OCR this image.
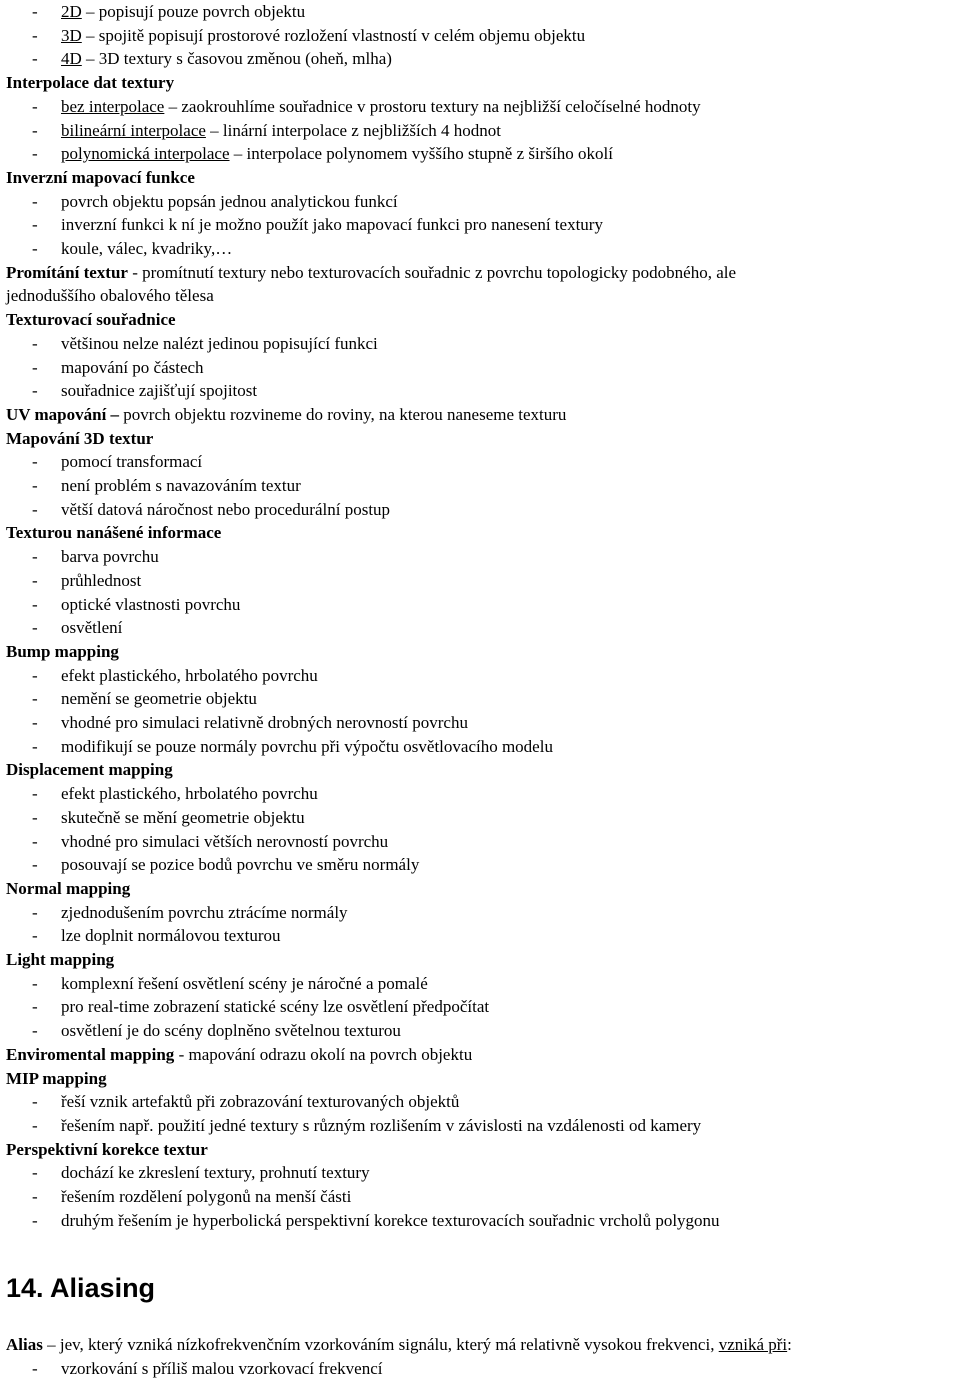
- 2D – popisují pouze povrch objektu
- 3D – spojitě popisují prostorové rozložení vlastností v celém objemu objektu
- 4D – 3D textury s časovou změnou (oheň, mlha)
Interpolace dat textury
- bez interpolace – zaokrouhlíme souřadnice v prostoru textury na nejbližší celočíselné hodnoty
- bilineární interpolace – linární interpolace z nejbližších 4 hodnot
- polynomická interpolace – interpolace polynomem vyššího stupně z širšího okolí
Inverzní mapovací funkce
- povrch objektu popsán jednou analytickou funkcí
- inverzní funkci k ní je možno použít jako mapovací funkci pro nanesení textury
- koule, válec, kvadriky,…
Promítání textur - promítnutí textury nebo texturovacích souřadnic z povrchu topologicky podobného, ale
jednoduššího obalového tělesa
Texturovací souřadnice
- většinou nelze nalézt jedinou popisující funkci
- mapování po částech
- souřadnice zajišťují spojitost
UV mapování – povrch objektu rozvineme do roviny, na kterou naneseme texturu
Mapování 3D textur
- pomocí transformací
- není problém s navazováním textur
- větší datová náročnost nebo procedurální postup
Texturou nanášené informace
- barva povrchu
- průhlednost
- optické vlastnosti povrchu
- osvětlení
Bump mapping
- efekt plastického, hrbolatého povrchu
- nemění se geometrie objektu
- vhodné pro simulaci relativně drobných nerovností povrchu
- modifikují se pouze normály povrchu při výpočtu osvětlovacího modelu
Displacement mapping
- efekt plastického, hrbolatého povrchu
- skutečně se mění geometrie objektu
- vhodné pro simulaci větších nerovností povrchu
- posouvají se pozice bodů povrchu ve směru normály
Normal mapping
- zjednodušením povrchu ztrácíme normály
- lze doplnit normálovou texturou
Light mapping
- komplexní řešení osvětlení scény je náročné a pomalé
- pro real-time zobrazení statické scény lze osvětlení předpočítat
- osvětlení je do scény doplněno světelnou texturou
Enviromental mapping - mapování odrazu okolí na povrch objektu
MIP mapping
- řeší vznik artefaktů při zobrazování texturovaných objektů
- řešením např. použití jedné textury s různým rozlišením v závislosti na vzdálenosti od kamery
Perspektivní korekce textur
- dochází ke zkreslení textury, prohnutí textury
- řešením rozdělení polygonů na menší části
- druhým řešením je hyperbolická perspektivní korekce texturovacích souřadnic vrcholů polygonu
14. Aliasing
Alias – jev, který vzniká nízkofrekvenčním vzorkováním signálu, který má relativně vysokou frekvenci, vzniká při:
- vzorkování s příliš malou vzorkovací frekvencí
